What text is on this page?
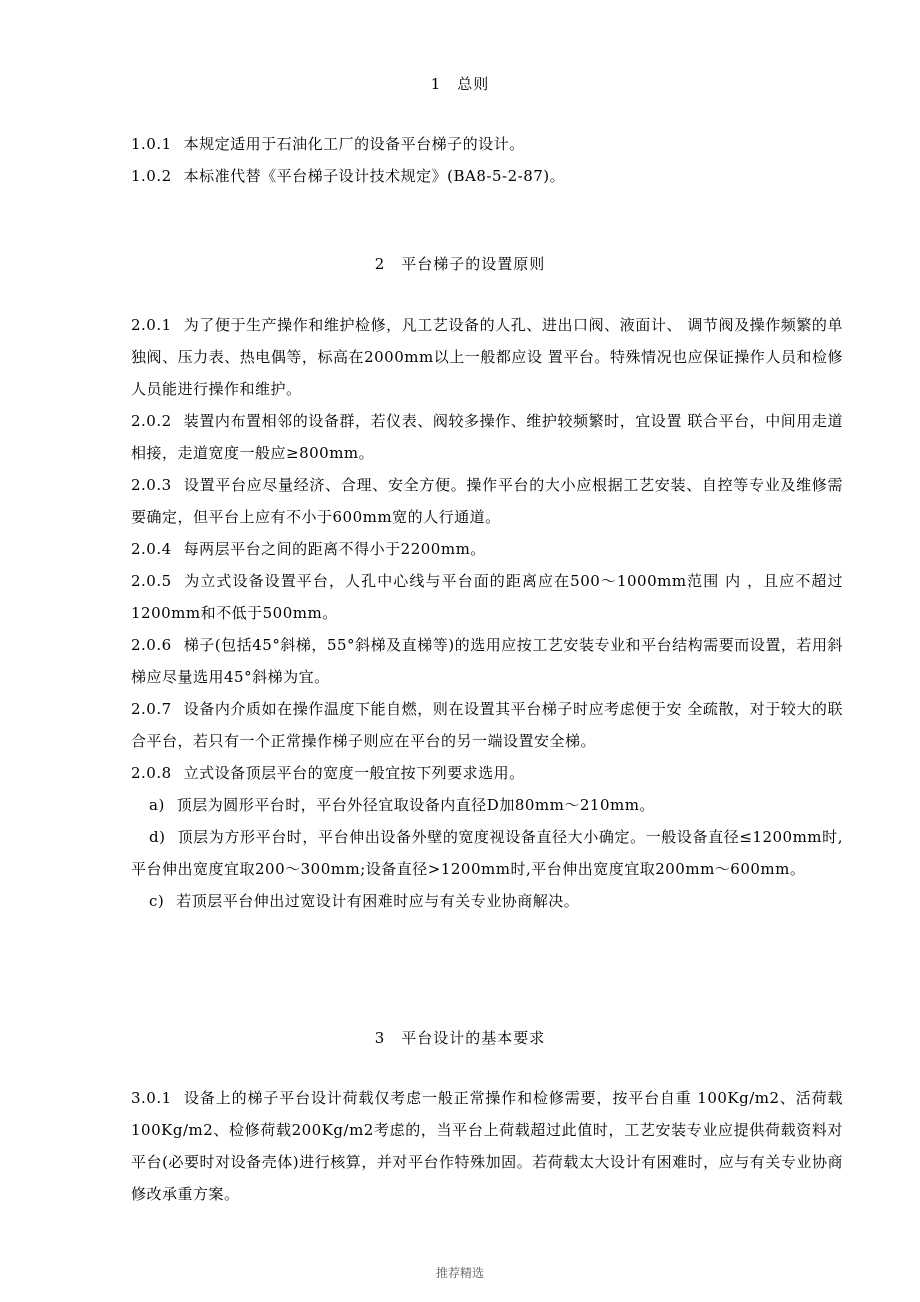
1　总则

1.0.1 本规定适用于石油化工厂的设备平台梯子的设计。

1.0.2 本标准代替《平台梯子设计技术规定》(BA8-5-2-87)。

2　平台梯子的设置原则

2.0.1 为了便于生产操作和维护检修，凡工艺设备的人孔、进出口阀、液面计、 调节阀及操作频繁的单独阀、压力表、热电偶等，标高在2000mm以上一般都应设 置平台。特殊情况也应保证操作人员和检修人员能进行操作和维护。

2.0.2 装置内布置相邻的设备群，若仪表、阀较多操作、维护较频繁时，宜设置 联合平台，中间用走道相接，走道宽度一般应≥800mm。

2.0.3 设置平台应尽量经济、合理、安全方便。操作平台的大小应根据工艺安装、自控等专业及维修需要确定，但平台上应有不小于600mm宽的人行通道。

2.0.4 每两层平台之间的距离不得小于2200mm。

2.0.5 为立式设备设置平台，人孔中心线与平台面的距离应在500～1000mm范围 内 ，且应不超过1200mm和不低于500mm。

2.0.6 梯子(包括45°斜梯，55°斜梯及直梯等)的选用应按工艺安装专业和平台结构需要而设置，若用斜梯应尽量选用45°斜梯为宜。

2.0.7 设备内介质如在操作温度下能自燃，则在设置其平台梯子时应考虑便于安 全疏散，对于较大的联合平台，若只有一个正常操作梯子则应在平台的另一端设置安全梯。

2.0.8 立式设备顶层平台的宽度一般宜按下列要求选用。

a) 顶层为圆形平台时，平台外径宜取设备内直径D加80mm～210mm。

d) 顶层为方形平台时，平台伸出设备外壁的宽度视设备直径大小确定。一般设备直径≤1200mm时,平台伸出宽度宜取200～300mm;设备直径>1200mm时,平台伸出宽度宜取200mm～600mm。

c) 若顶层平台伸出过宽设计有困难时应与有关专业协商解决。

3　平台设计的基本要求

3.0.1 设备上的梯子平台设计荷载仅考虑一般正常操作和检修需要，按平台自重 100Kg/m2、活荷载100Kg/m2、检修荷载200Kg/m2考虑的，当平台上荷载超过此值时，工艺安装专业应提供荷载资料对平台(必要时对设备壳体)进行核算，并对平台作特殊加固。若荷载太大设计有困难时，应与有关专业协商修改承重方案。

推荐精选
